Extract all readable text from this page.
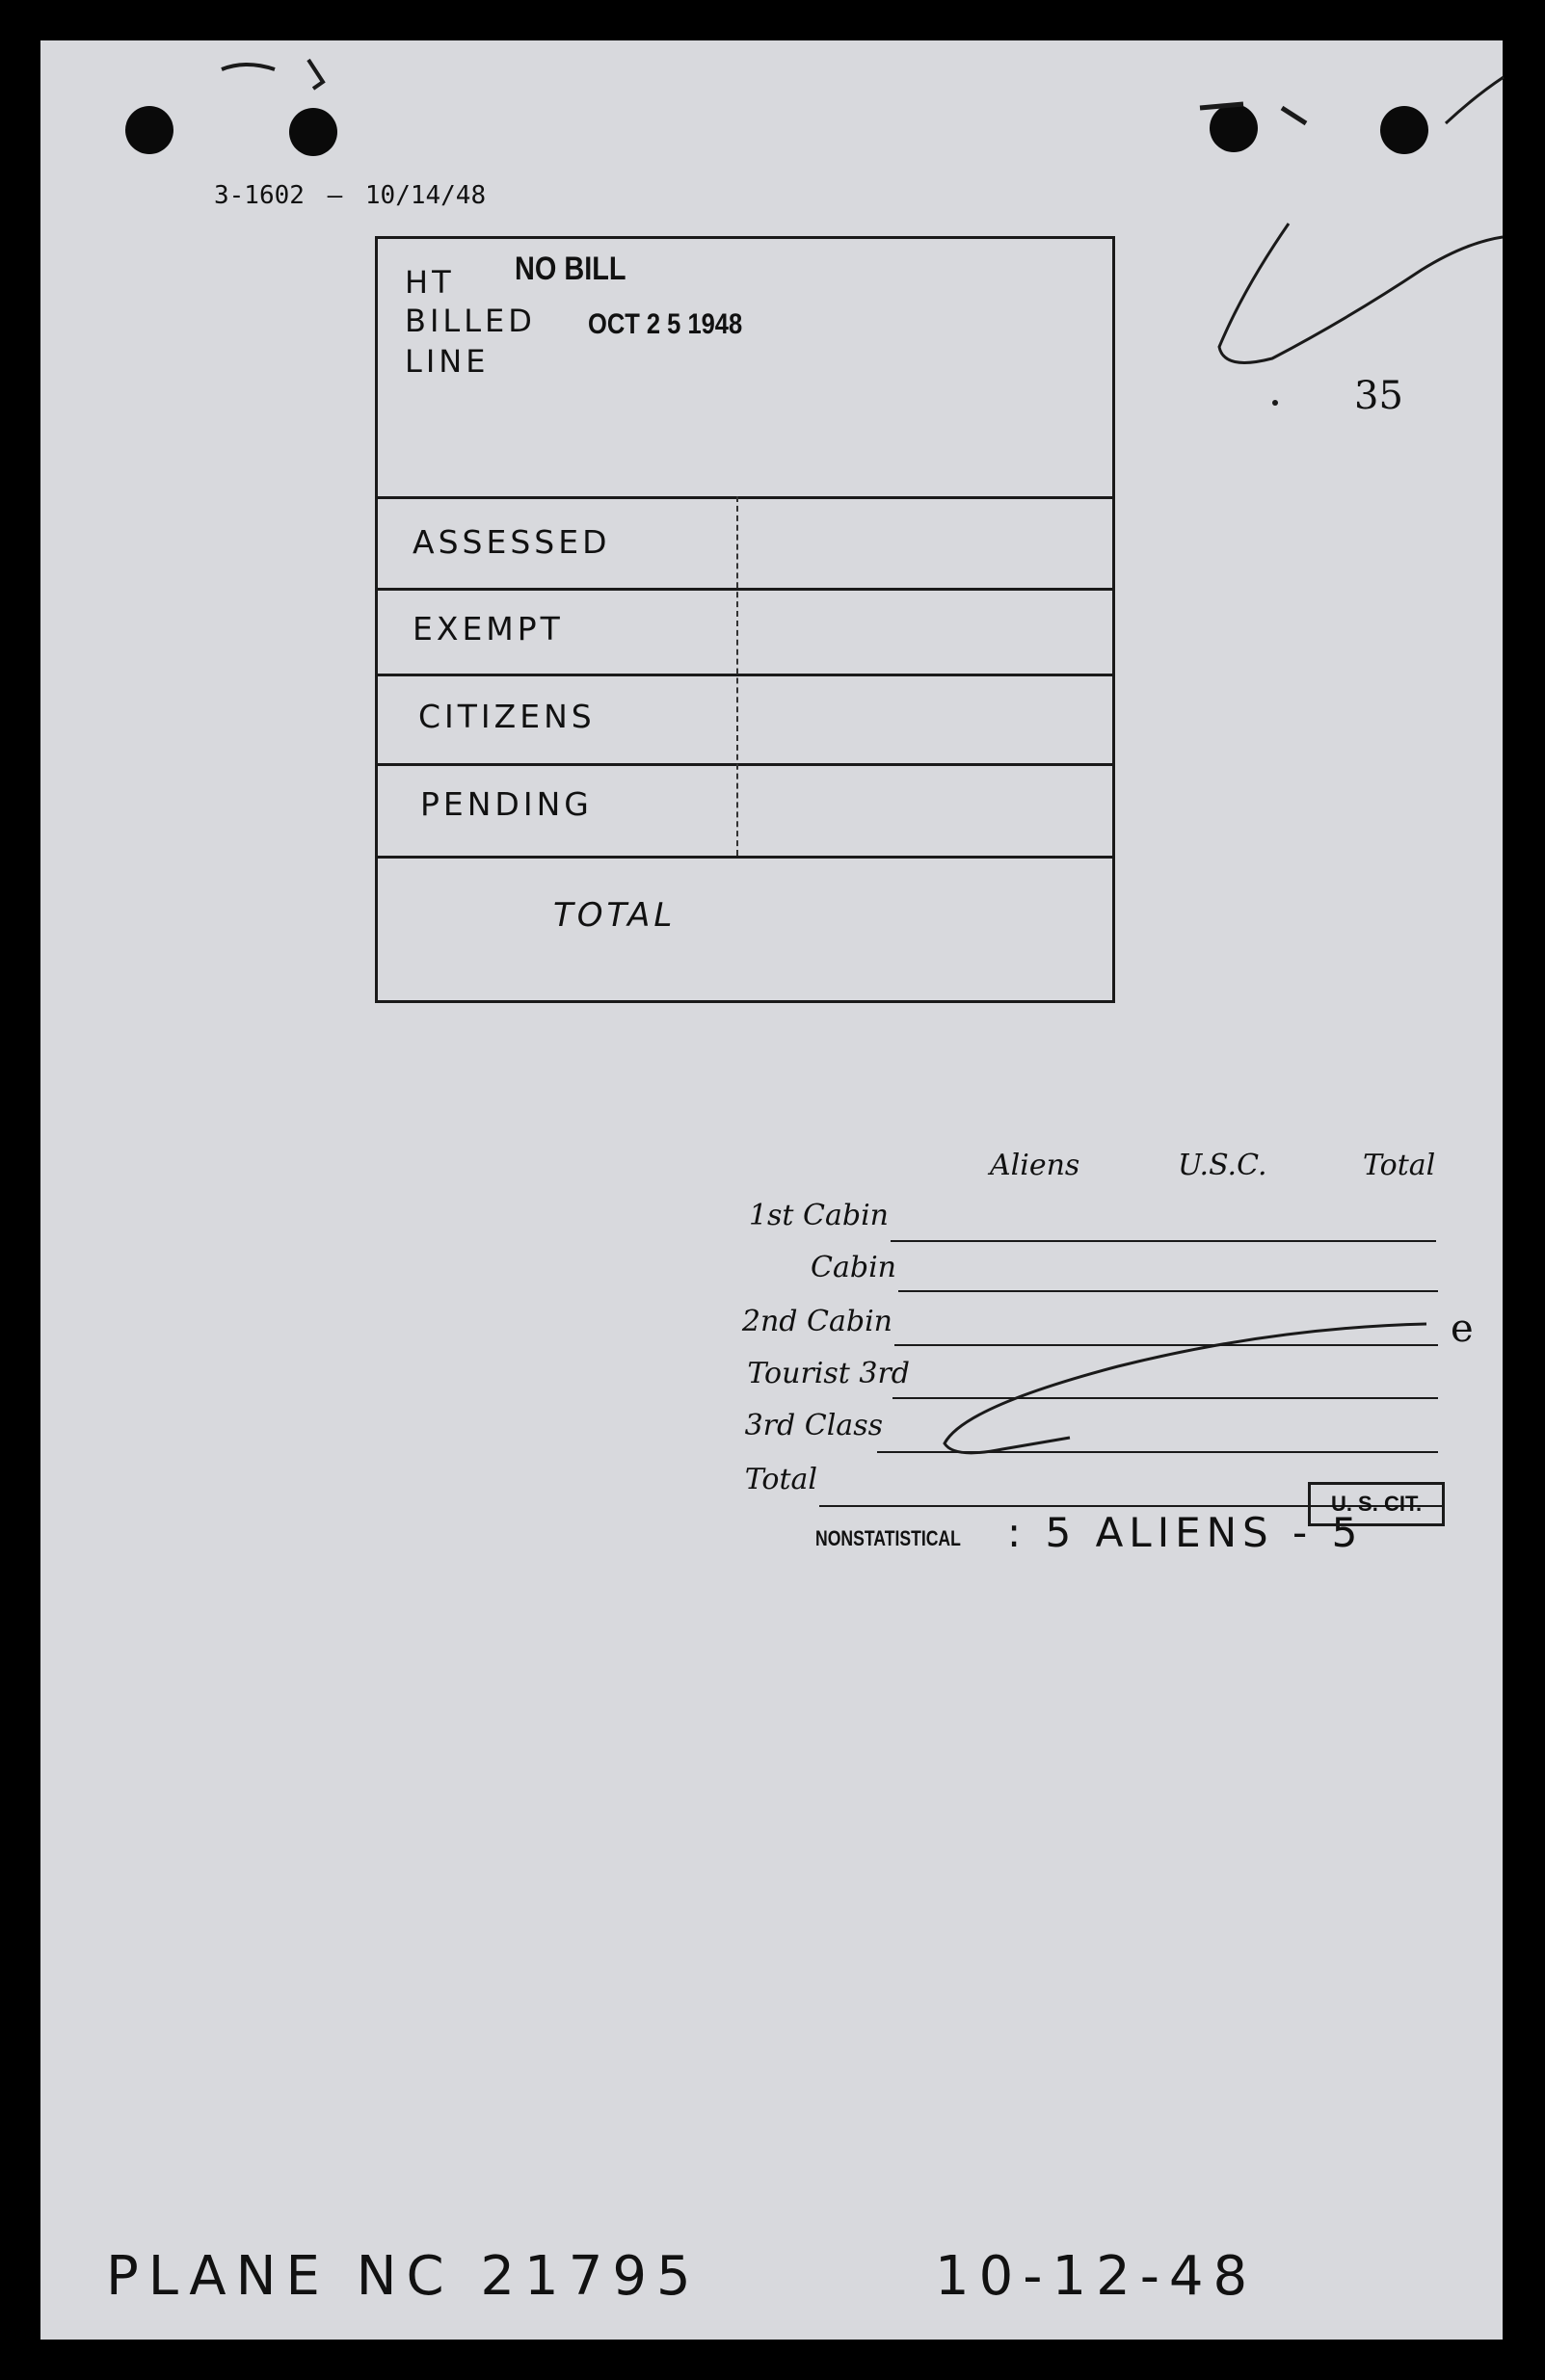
3-1602 — 10/14/48
35
HT
BILLED
LINE
NO BILL
OCT 2 5 1948
ASSESSED
EXEMPT
CITIZENS
PENDING
TOTAL
Aliens	U.S.C.	Total
1st Cabin
Cabin
2nd Cabin
Tourist 3rd
3rd Class
Total
e
NONSTATISTICAL : 5 ALIENS - 5
U. S. CIT.
PLANE NC 21795	10-12-48
